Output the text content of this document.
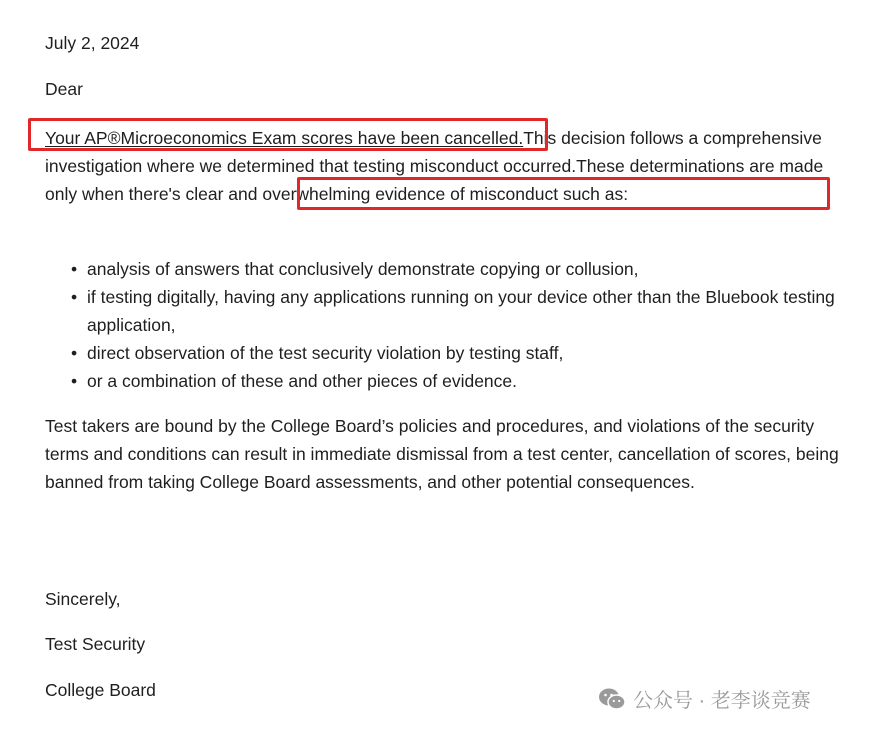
July 2, 2024
Dear
Your AP®Microeconomics Exam scores have been cancelled.This decision follows a comprehensive investigation where we determined that testing misconduct occurred.These determinations are made only when there's clear and overwhelming evidence of misconduct such as:
• analysis of answers that conclusively demonstrate copying or collusion,
• if testing digitally, having any applications running on your device other than the Bluebook testing application,
• direct observation of the test security violation by testing staff,
• or a combination of these and other pieces of evidence.
Test takers are bound by the College Board’s policies and procedures, and violations of the security terms and conditions can result in immediate dismissal from a test center, cancellation of scores, being banned from taking College Board assessments, and other potential consequences.
Sincerely,
Test Security
College Board	公众号 · 老李谈竞赛
